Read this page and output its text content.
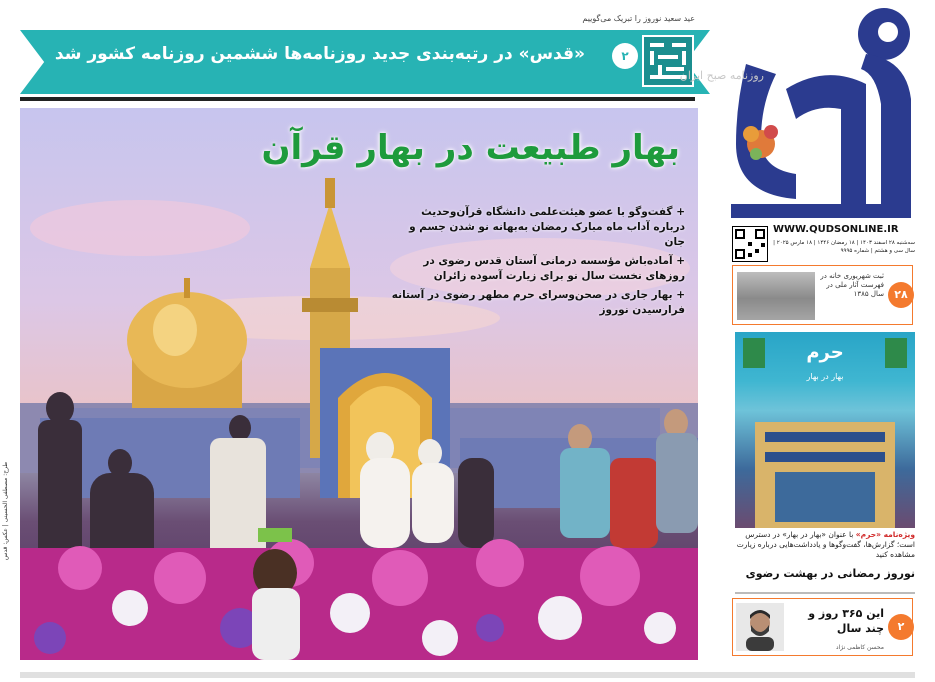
عید سعید نوروز را تبریک می‌گوییم
۲
«قدس» در رتبه‌بندی جدید روزنامه‌ها ششمین روزنامه کشور شد
بهار طبیعت در بهار قرآن
+ گفت‌وگو با عضو هیئت‌علمی دانشگاه قرآن‌وحدیث درباره آداب ماه مبارک رمضان به‌بهانه نو شدن جسم و جان
+ آماده‌باش مؤسسه درمانی آستان قدس رضوی در روزهای نخست سال نو برای زیارت آسوده زائران
+ بهار جاری در صحن‌وسرای حرم مطهر رضوی در آستانه فرارسیدن نوروز
طرح: مصطفی الحسینی | عکس: قدس
روزنامه صبح ایران
WWW.QUDSONLINE.IR
سه‌شنبه ۲۸ اسفند ۱۴۰۳ | ۱۸ رمضان ۱۴۴۶ | ۱۸ مارس ۲۰۲۵ | سال سی و هشتم | شماره ۹۹۹۵
ثبت شهریوری خانه در فهرست آثار ملی در سال ۱۳۸۵ ۲۸
حرم
بهار در بهار
ویژه‌نامه «حرم» با عنوان «بهار در بهار» در دسترس است؛ گزارش‌ها، گفت‌وگوها و یادداشت‌هایی درباره زیارت مشاهده کنید
نوروز رمضانی در بهشت رضوی
این ۳۶۵ روز و چند سال
محسن کاظمی نژاد
۲
